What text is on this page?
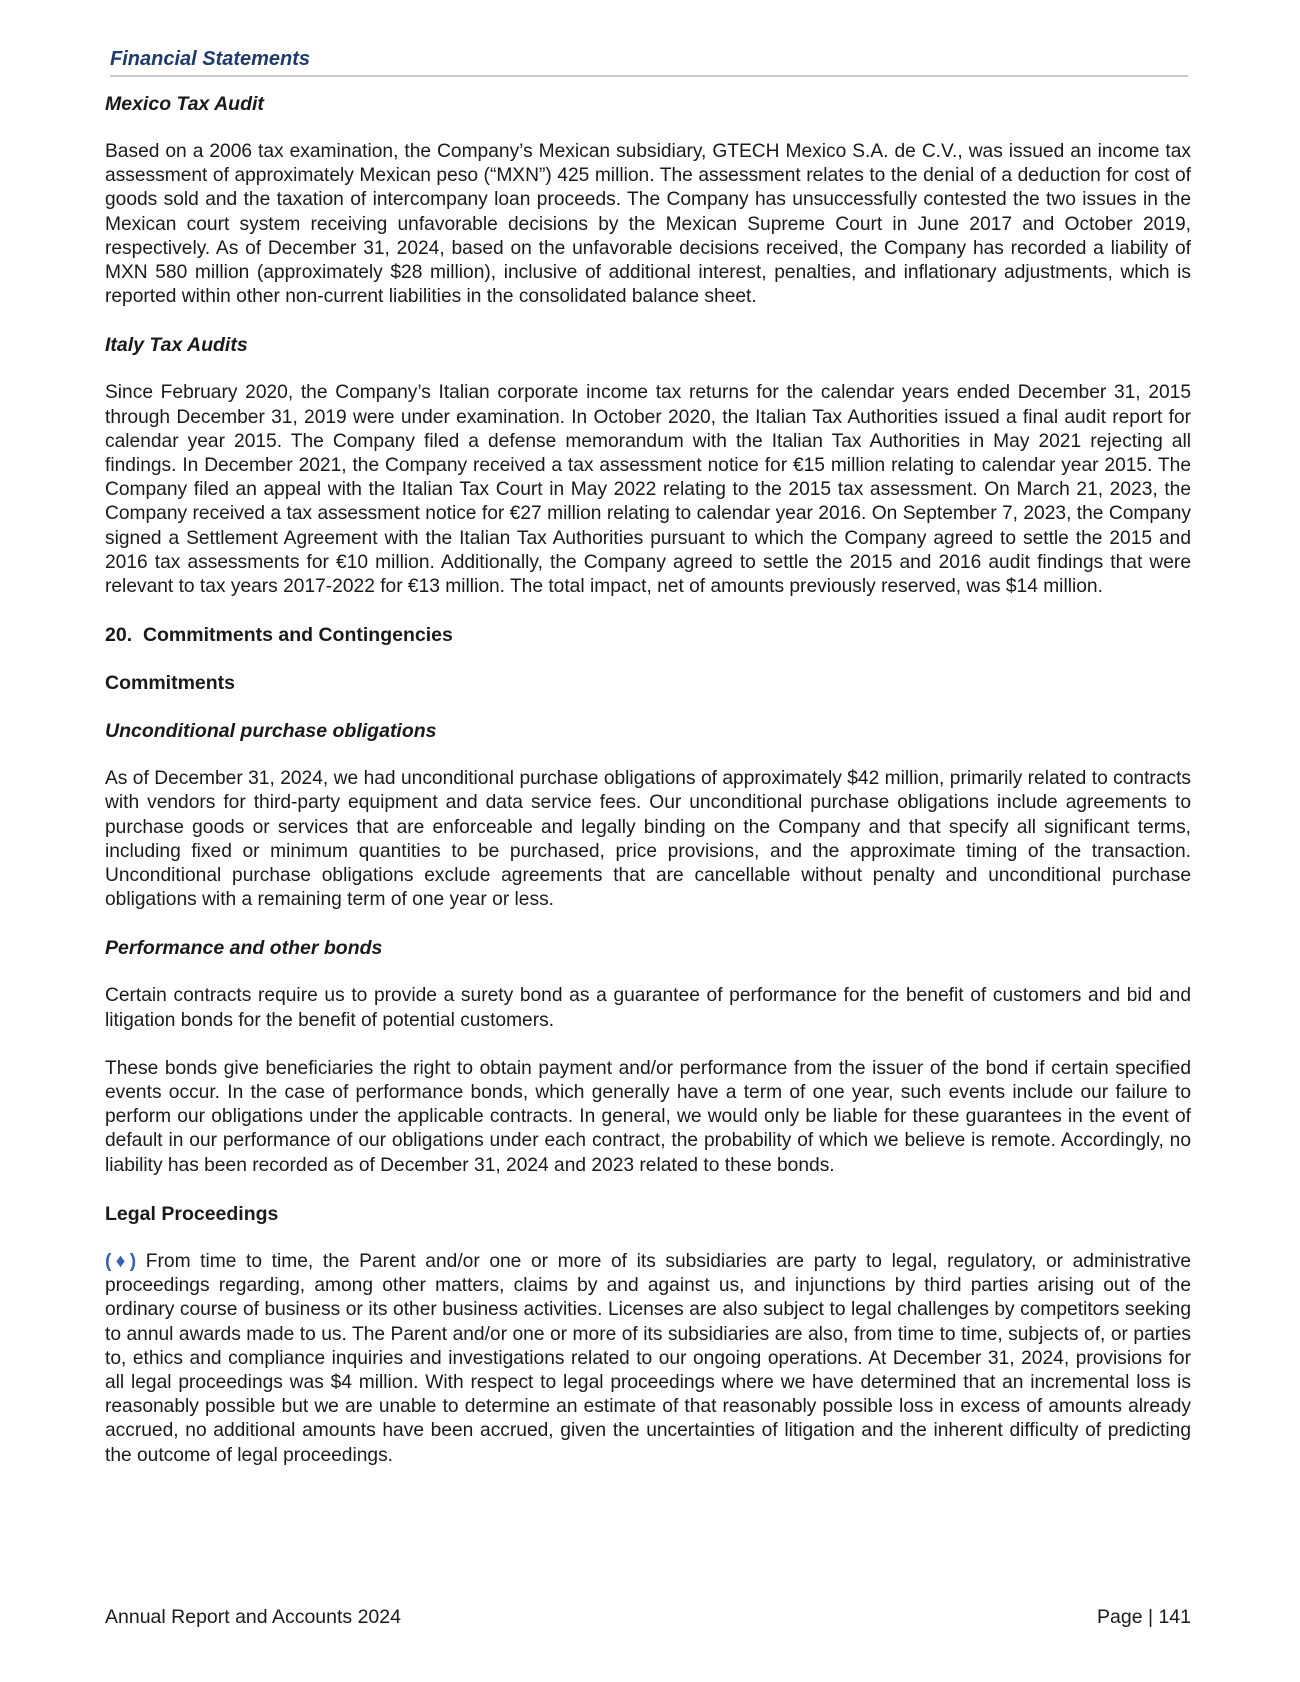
Financial Statements
Mexico Tax Audit

Based on a 2006 tax examination, the Company’s Mexican subsidiary, GTECH Mexico S.A. de C.V., was issued an income tax assessment of approximately Mexican peso (“MXN”) 425 million. The assessment relates to the denial of a deduction for cost of goods sold and the taxation of intercompany loan proceeds. The Company has unsuccessfully contested the two issues in the Mexican court system receiving unfavorable decisions by the Mexican Supreme Court in June 2017 and October 2019, respectively. As of December 31, 2024, based on the unfavorable decisions received, the Company has recorded a liability of MXN 580 million (approximately $28 million), inclusive of additional interest, penalties, and inflationary adjustments, which is reported within other non-current liabilities in the consolidated balance sheet.

Italy Tax Audits

Since February 2020, the Company’s Italian corporate income tax returns for the calendar years ended December 31, 2015 through December 31, 2019 were under examination. In October 2020, the Italian Tax Authorities issued a final audit report for calendar year 2015. The Company filed a defense memorandum with the Italian Tax Authorities in May 2021 rejecting all findings. In December 2021, the Company received a tax assessment notice for €15 million relating to calendar year 2015. The Company filed an appeal with the Italian Tax Court in May 2022 relating to the 2015 tax assessment. On March 21, 2023, the Company received a tax assessment notice for €27 million relating to calendar year 2016. On September 7, 2023, the Company signed a Settlement Agreement with the Italian Tax Authorities pursuant to which the Company agreed to settle the 2015 and 2016 tax assessments for €10 million. Additionally, the Company agreed to settle the 2015 and 2016 audit findings that were relevant to tax years 2017-2022 for €13 million. The total impact, net of amounts previously reserved, was $14 million.

20.  Commitments and Contingencies
Commitments
Unconditional purchase obligations

As of December 31, 2024, we had unconditional purchase obligations of approximately $42 million, primarily related to contracts with vendors for third-party equipment and data service fees. Our unconditional purchase obligations include agreements to purchase goods or services that are enforceable and legally binding on the Company and that specify all significant terms, including fixed or minimum quantities to be purchased, price provisions, and the approximate timing of the transaction. Unconditional purchase obligations exclude agreements that are cancellable without penalty and unconditional purchase obligations with a remaining term of one year or less.

Performance and other bonds

Certain contracts require us to provide a surety bond as a guarantee of performance for the benefit of customers and bid and litigation bonds for the benefit of potential customers.

These bonds give beneficiaries the right to obtain payment and/or performance from the issuer of the bond if certain specified events occur. In the case of performance bonds, which generally have a term of one year, such events include our failure to perform our obligations under the applicable contracts. In general, we would only be liable for these guarantees in the event of default in our performance of our obligations under each contract, the probability of which we believe is remote. Accordingly, no liability has been recorded as of December 31, 2024 and 2023 related to these bonds.

Legal Proceedings

(♦) From time to time, the Parent and/or one or more of its subsidiaries are party to legal, regulatory, or administrative proceedings regarding, among other matters, claims by and against us, and injunctions by third parties arising out of the ordinary course of business or its other business activities. Licenses are also subject to legal challenges by competitors seeking to annul awards made to us. The Parent and/or one or more of its subsidiaries are also, from time to time, subjects of, or parties to, ethics and compliance inquiries and investigations related to our ongoing operations. At December 31, 2024, provisions for all legal proceedings was $4 million. With respect to legal proceedings where we have determined that an incremental loss is reasonably possible but we are unable to determine an estimate of that reasonably possible loss in excess of amounts already accrued, no additional amounts have been accrued, given the uncertainties of litigation and the inherent difficulty of predicting the outcome of legal proceedings.

Annual Report and Accounts 2024	Page | 141
